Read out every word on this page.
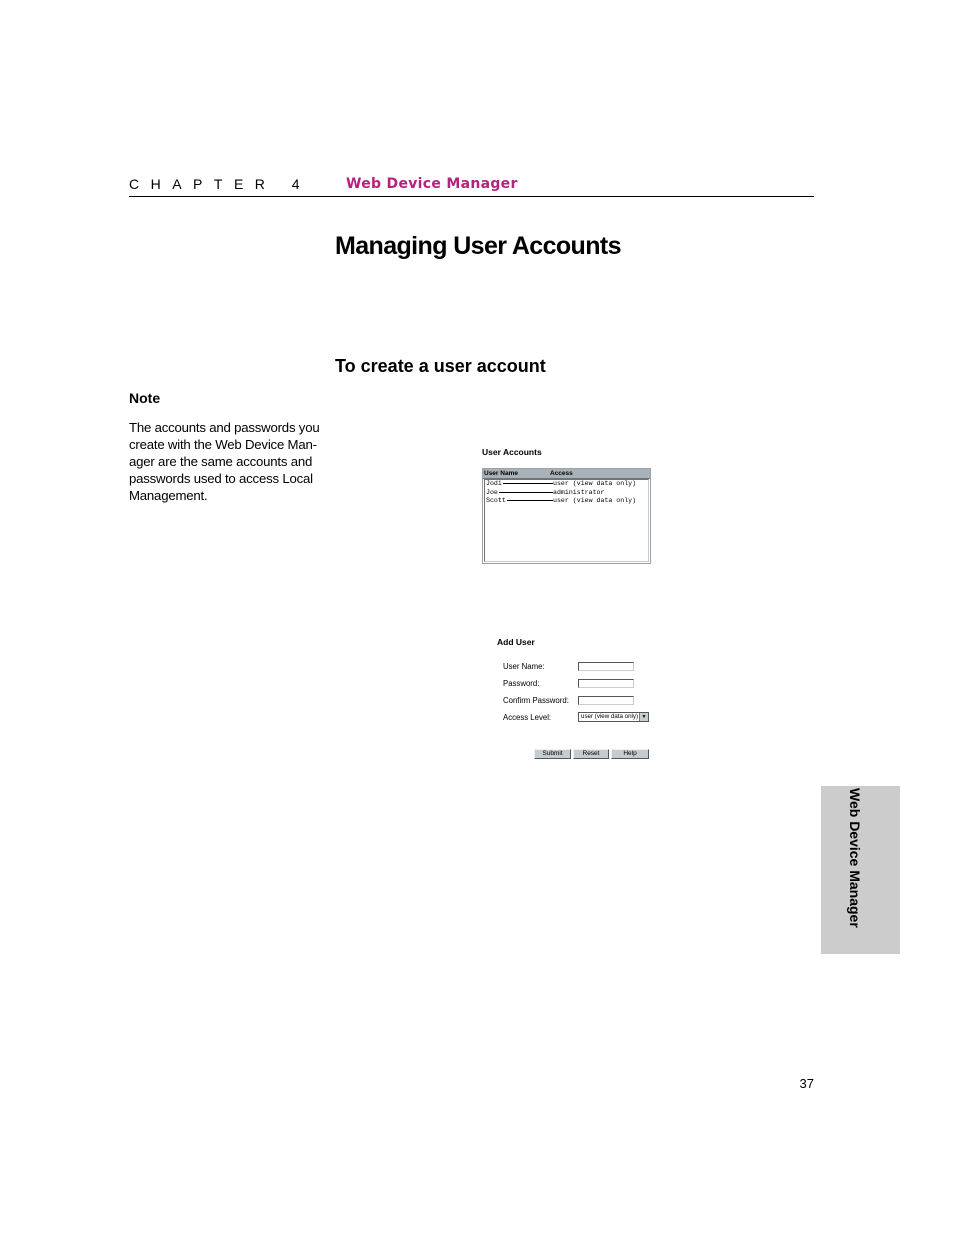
CHAPTER 4 Web Device Manager
Managing User Accounts
To create a user account
Note
The accounts and passwords you
create with the Web Device Man-
ager are the same accounts and
passwords used to access Local
Management.
User Accounts
User Name	Access
Jodi	user (view data only)
Joe	administrator
Scott	user (view data only)
Add User
User Name:
Password:
Confirm Password:
Access Level:	user (view data only) ▼
Submit	Reset	Help
Web Device Manager
37
